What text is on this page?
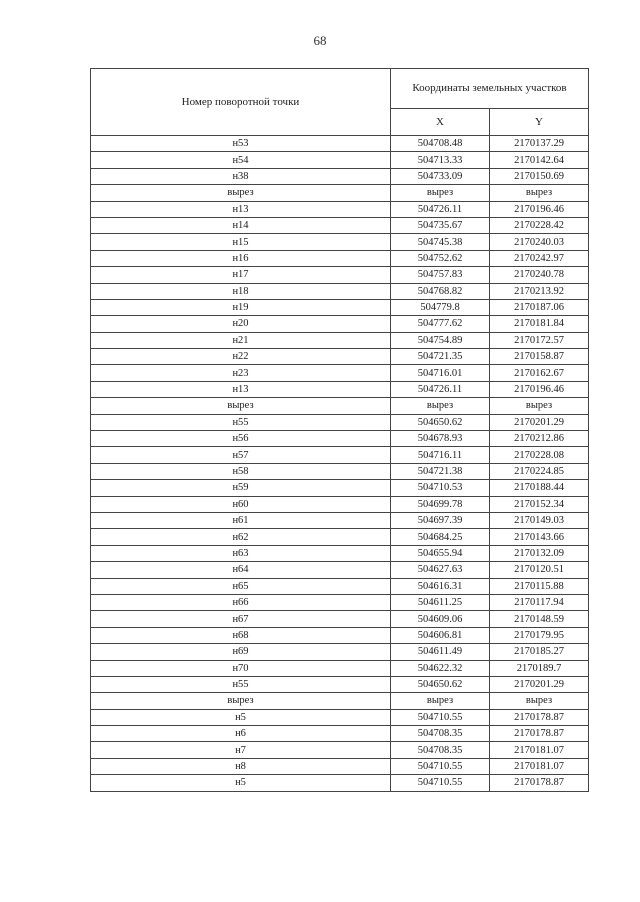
68
Номер поворотной точки	Координаты земельных участков	
	X	Y
н53	504708.48	2170137.29
н54	504713.33	2170142.64
н38	504733.09	2170150.69
вырез	вырез	вырез
н13	504726.11	2170196.46
н14	504735.67	2170228.42
н15	504745.38	2170240.03
н16	504752.62	2170242.97
н17	504757.83	2170240.78
н18	504768.82	2170213.92
н19	504779.8	2170187.06
н20	504777.62	2170181.84
н21	504754.89	2170172.57
н22	504721.35	2170158.87
н23	504716.01	2170162.67
н13	504726.11	2170196.46
вырез	вырез	вырез
н55	504650.62	2170201.29
н56	504678.93	2170212.86
н57	504716.11	2170228.08
н58	504721.38	2170224.85
н59	504710.53	2170188.44
н60	504699.78	2170152.34
н61	504697.39	2170149.03
н62	504684.25	2170143.66
н63	504655.94	2170132.09
н64	504627.63	2170120.51
н65	504616.31	2170115.88
н66	504611.25	2170117.94
н67	504609.06	2170148.59
н68	504606.81	2170179.95
н69	504611.49	2170185.27
н70	504622.32	2170189.7
н55	504650.62	2170201.29
вырез	вырез	вырез
н5	504710.55	2170178.87
н6	504708.35	2170178.87
н7	504708.35	2170181.07
н8	504710.55	2170181.07
н5	504710.55	2170178.87
